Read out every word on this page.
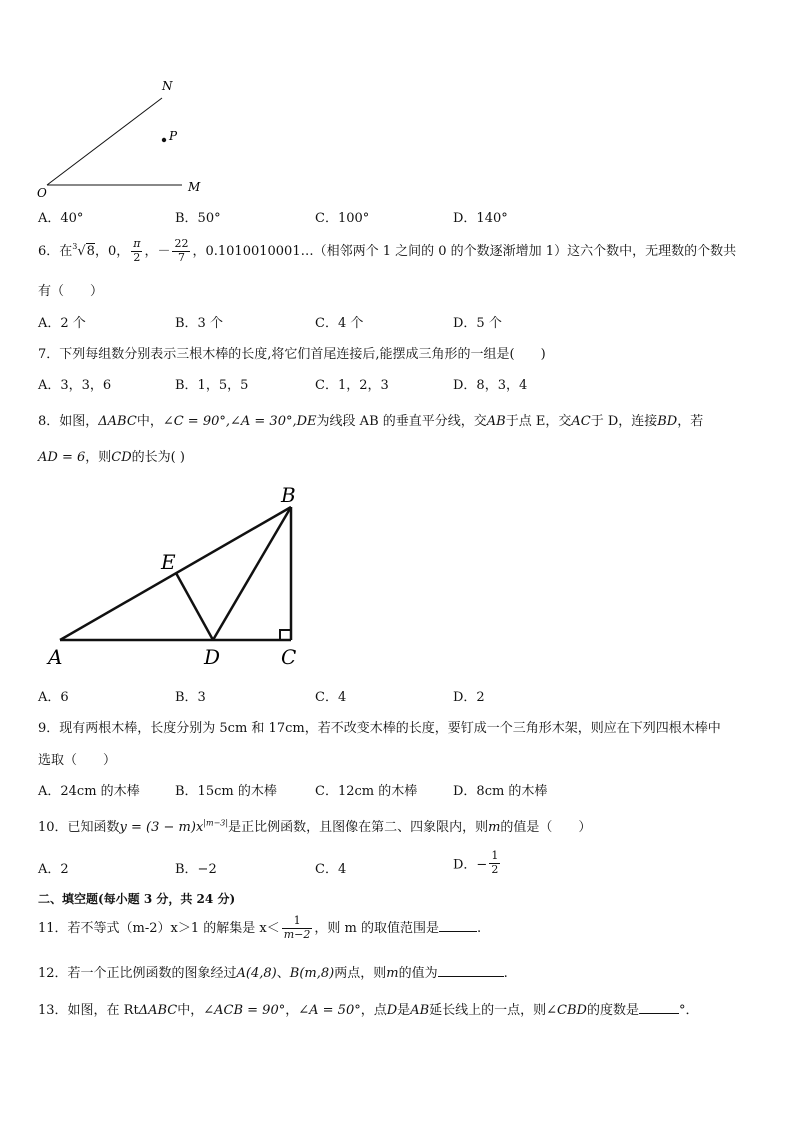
N
P
O	M
A．40°	B．50°	C．100°	D．140°
6．在$^3$√8，0， $\frac{\pi}{2}$ ，－ $\frac{22}{7}$ ，0.1010010001…（相邻两个 1 之间的 0 的个数逐渐增加 1）这六个数中，无理数的个数共
有（　　）
A．2 个	B．3 个	C．4 个	D．5 个
7．下列每组数分别表示三根木棒的长度,将它们首尾连接后,能摆成三角形的一组是(　　)
A．3，3，6	B．1，5，5	C．1，2，3	D．8，3，4
8．如图，ΔABC中，∠C = 90°,∠A = 30°,DE为线段 AB 的垂直平分线，交AB于点 E，交AC于 D，连接BD，若
AD = 6，则CD的长为( )
B
E
A	D	C
A．6	B．3	C．4	D．2
9．现有两根木棒，长度分别为 5cm 和 17cm，若不改变木棒的长度，要钉成一个三角形木架，则应在下列四根木棒中
选取（　　）
A．24cm 的木棒	B．15cm 的木棒	C．12cm 的木棒	D．8cm 的木棒
10．已知函数$y = (3 - m)x^{|m-3|}$是正比例函数，且图像在第二、四象限内，则m的值是（　　）
A．2	B．−2	C．4	D．− $\frac{1}{2}$
二、填空题(每小题 3 分，共 24 分)
11．若不等式（m-2）x＞1 的解集是 $x< \frac{1}{m-2}$ ，则 m 的取值范围是	.
12．若一个正比例函数的图象经过A(4,8)、B(m,8)两点，则m的值为	.
13．如图，在 RtΔABC中，∠ACB = 90°，∠A = 50°，点D是AB延长线上的一点，则∠CBD的度数是	°．
